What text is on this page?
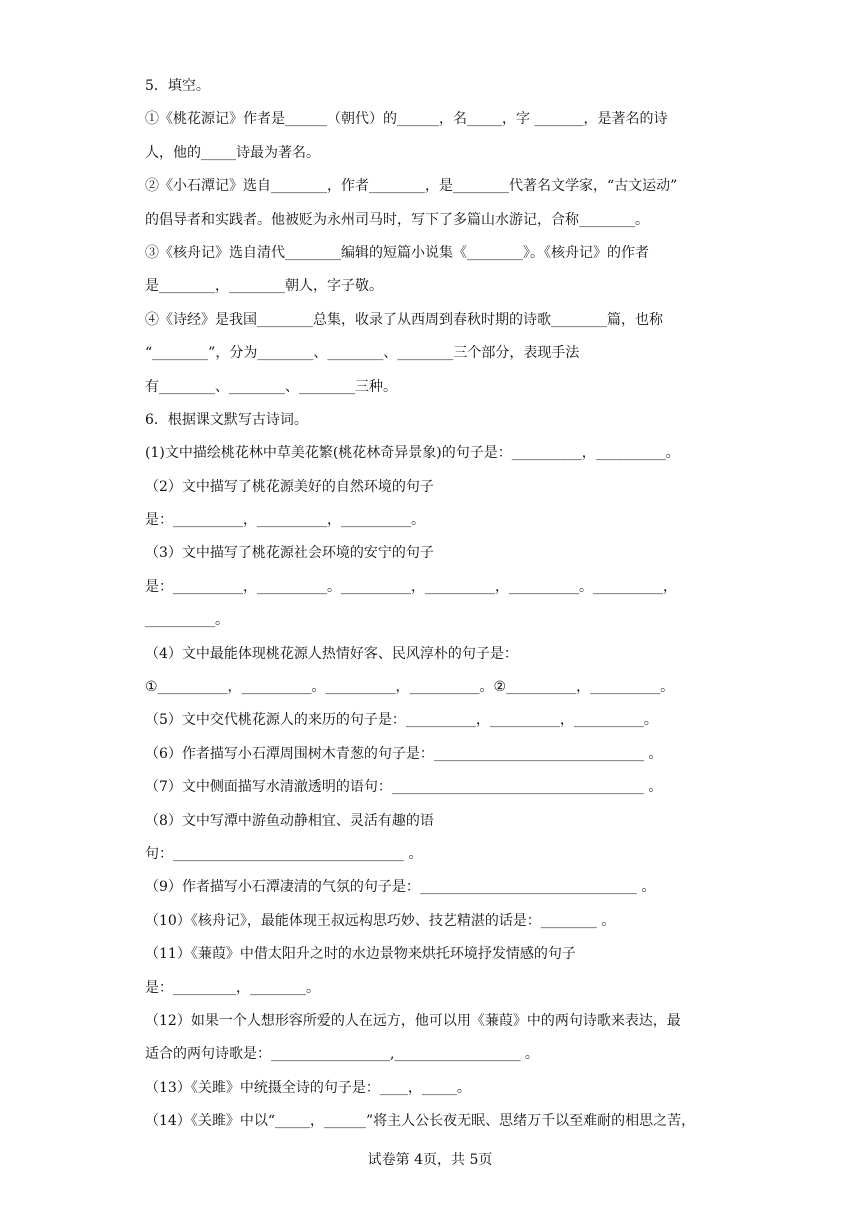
5．填空。
①《桃花源记》作者是______（朝代）的______，名_____，字 _______，是著名的诗
人，他的_____诗最为著名。
②《小石潭记》选自________，作者________，是________代著名文学家，“古文运动”
的倡导者和实践者。他被贬为永州司马时，写下了多篇山水游记，合称________。
③《核舟记》选自清代________编辑的短篇小说集《________》。《核舟记》的作者
是________，________朝人，字子敬。
④《诗经》是我国________总集，收录了从西周到春秋时期的诗歌________篇，也称
“________”，分为________、________、________三个部分，表现手法
有________、________、________三种。
6．根据课文默写古诗词。
(1)文中描绘桃花林中草美花繁(桃花林奇异景象)的句子是：__________，__________。
（2）文中描写了桃花源美好的自然环境的句子
是：__________，__________，__________。
（3）文中描写了桃花源社会环境的安宁的句子
是：__________，__________。__________，__________，__________。__________，
__________。
（4）文中最能体现桃花源人热情好客、民风淳朴的句子是：
①__________，__________。__________，__________。②__________，__________。
（5）文中交代桃花源人的来历的句子是：__________，__________，__________。
（6）作者描写小石潭周围树木青葱的句子是：______________________________ 。
（7）文中侧面描写水清澈透明的语句：____________________________________ 。
（8）文中写潭中游鱼动静相宜、灵活有趣的语
句：_________________________________ 。
（9）作者描写小石潭凄清的气氛的句子是：_______________________________ 。
（10）《核舟记》，最能体现王叔远构思巧妙、技艺精湛的话是：________ 。
（11）《蒹葭》中借太阳升之时的水边景物来烘托环境抒发情感的句子
是：_________，________。
（12）如果一个人想形容所爱的人在远方，他可以用《蒹葭》中的两句诗歌来表达，最
适合的两句诗歌是：_________________,__________________ 。
（13）《关雎》中统摄全诗的句子是：____，_____。
（14）《关雎》中以“_____，______”将主人公长夜无眠、思绪万千以至难耐的相思之苦，
试卷第 4页，共 5页
